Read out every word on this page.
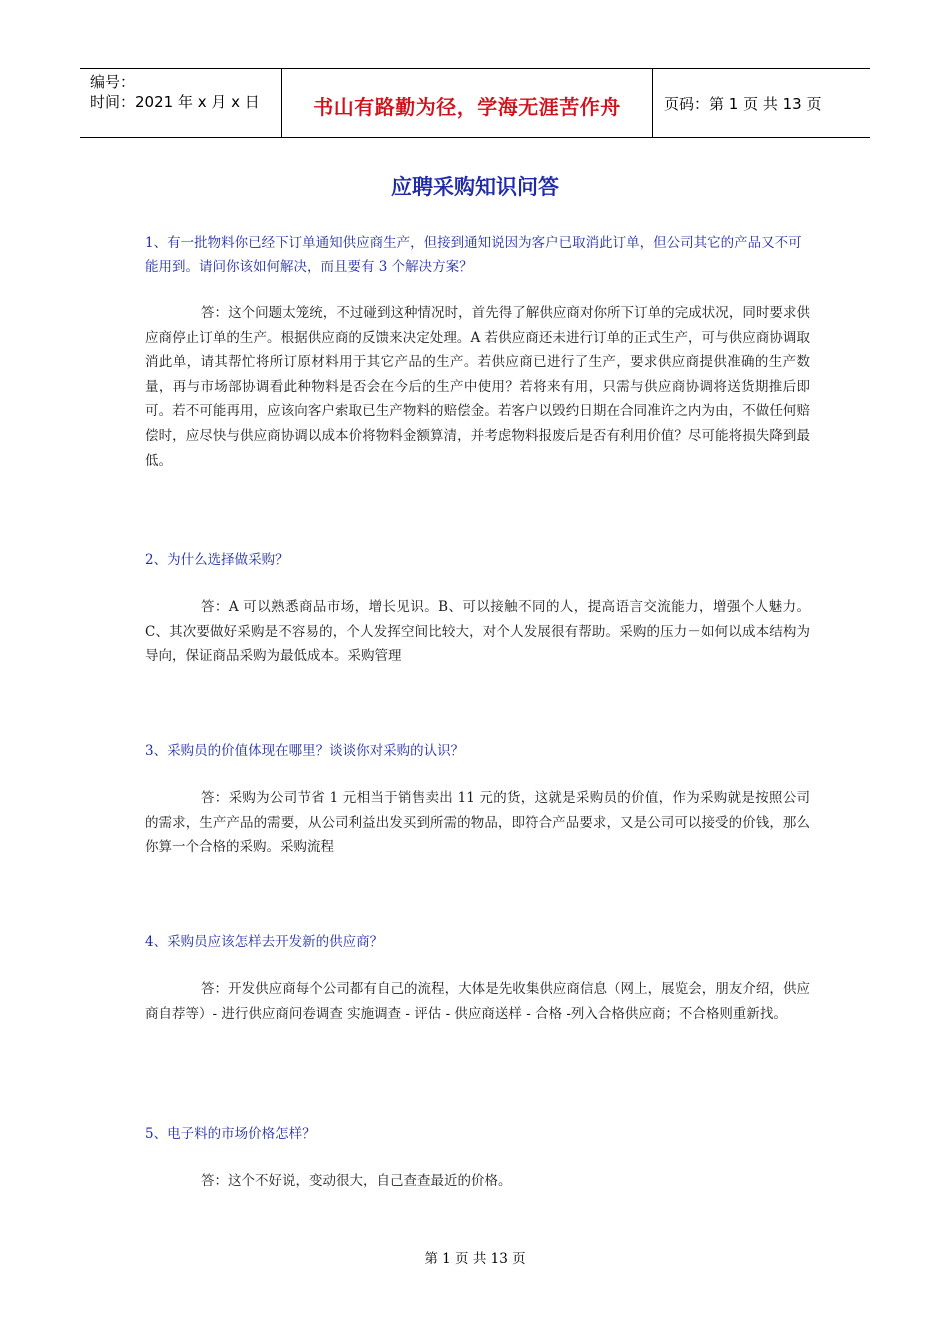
编号：
时间：2021 年 x 月 x 日	书山有路勤为径，学海无涯苦作舟	页码：第 1 页 共 13 页
应聘采购知识问答
1、有一批物料你已经下订单通知供应商生产，但接到通知说因为客户已取消此订单，但公司其它的产品又不可能用到。请问你该如何解决，而且要有 3 个解决方案？
答：这个问题太笼统，不过碰到这种情况时，首先得了解供应商对你所下订单的完成状况，同时要求供应商停止订单的生产。根据供应商的反馈来决定处理。A 若供应商还未进行订单的正式生产，可与供应商协调取消此单，请其帮忙将所订原材料用于其它产品的生产。若供应商已进行了生产，要求供应商提供准确的生产数量，再与市场部协调看此种物料是否会在今后的生产中使用？若将来有用，只需与供应商协调将送货期推后即可。若不可能再用，应该向客户索取已生产物料的赔偿金。若客户以毁约日期在合同准许之内为由，不做任何赔偿时，应尽快与供应商协调以成本价将物料金额算清，并考虑物料报废后是否有利用价值？尽可能将损失降到最低。
2、为什么选择做采购？
答：A 可以熟悉商品市场，增长见识。B、可以接触不同的人，提高语言交流能力，增强个人魅力。C、其次要做好采购是不容易的，个人发挥空间比较大，对个人发展很有帮助。采购的压力－如何以成本结构为导向，保证商品采购为最低成本。采购管理
3、采购员的价值体现在哪里？谈谈你对采购的认识？
答：采购为公司节省 1 元相当于销售卖出 11 元的货，这就是采购员的价值，作为采购就是按照公司的需求，生产产品的需要，从公司利益出发买到所需的物品，即符合产品要求，又是公司可以接受的价钱，那么你算一个合格的采购。采购流程
4、采购员应该怎样去开发新的供应商？
答：开发供应商每个公司都有自己的流程，大体是先收集供应商信息（网上，展览会，朋友介绍，供应商自荐等）- 进行供应商问卷调查 实施调查 - 评估 - 供应商送样 - 合格 -列入合格供应商；不合格则重新找。
5、电子料的市场价格怎样？
答：这个不好说，变动很大，自己查查最近的价格。
第 1 页 共 13 页
